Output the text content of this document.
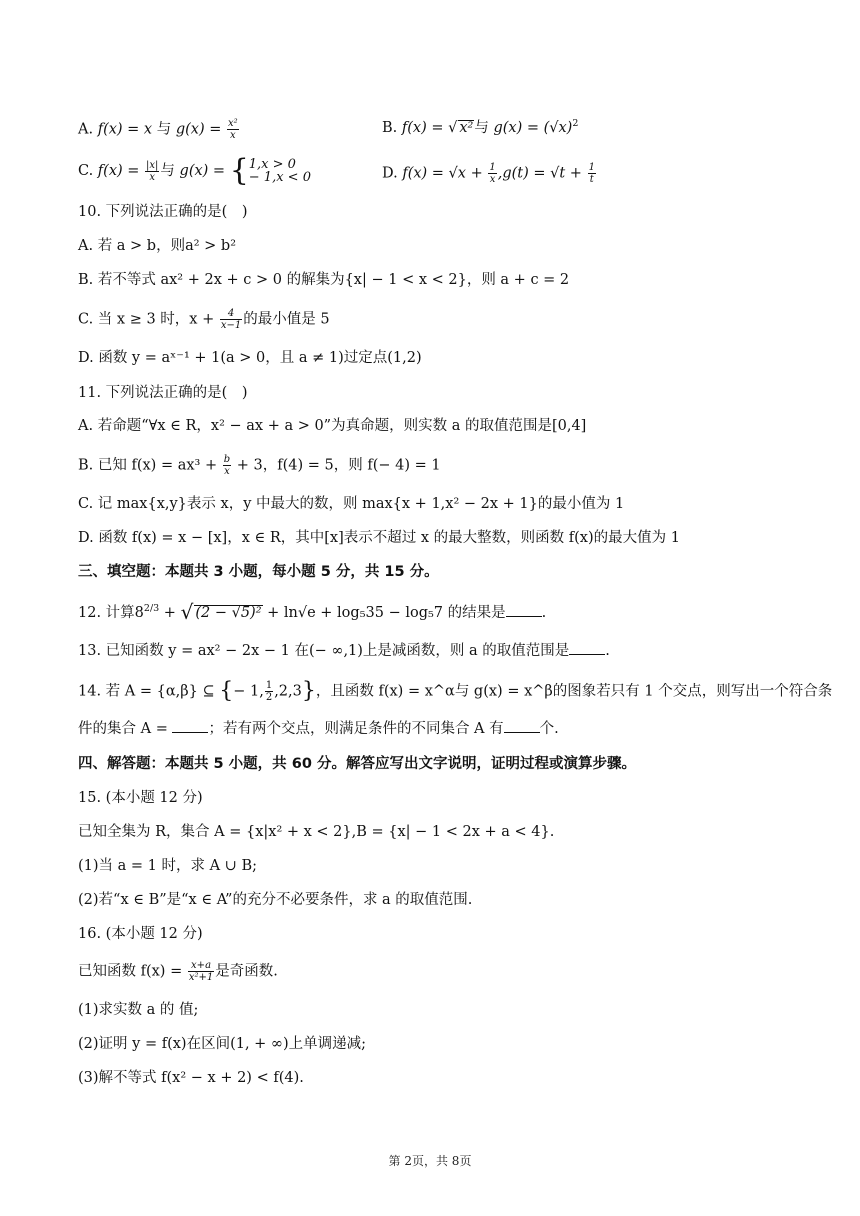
A. f(x) = x 与 $g(x) = \frac{\text{x²}}{x}$	B. f(x) = √ x²与 $g(x) = (√x)^2$
C. $f(x) = \frac{|x|}{x}$ 与 g(x) = { 1,x > 0
− 1,x < 0	D. $f(x) = √x + \frac{1}{x} ,g(t) = √t + \frac{1}{t}$
10. 下列说法正确的是(　)
A. 若 a > b，则a² > b²
B. 若不等式 ax² + 2x + c > 0 的解集为{x| − 1 < x < 2}，则 a + c = 2
C. 当 x ≥ 3 时，$x + \frac{4}{x-1}$ 的最小值是 5
D. 函数 y = aˣ⁻¹ + 1(a > 0，且 a ≠ 1)过定点(1,2)
11. 下列说法正确的是(　)
A. 若命题“∀x ∈ R，x² − ax + a > 0”为真命题，则实数 a 的取值范围是[0,4]
B. 已知 $f(x) = ax^3 + \frac{b}{x} + 3$，f(4) = 5，则 f(− 4) = 1
C. 记 max{x,y}表示 x，y 中最大的数，则 max{x + 1,x² − 2x + 1}的最小值为 1
D. 函数 f(x) = x − [x]，x ∈ R，其中[x]表示不超过 x 的最大整数，则函数 f(x)的最大值为 1
三、填空题：本题共 3 小题，每小题 5 分，共 15 分。
12. 计算$8^{2/3}$ + √ (2 − √5)² + ln√e + log₅35 − log₅7 的结果是 .
13. 已知函数 y = ax² − 2x − 1 在(− ∞,1)上是减函数，则 a 的取值范围是 .
14. 若 A = {α,β} ⊆ {− 1, $\frac{1}{2} ,2,3$}，且函数 f(x) = x^α与 g(x) = x^β的图象若只有 1 个交点，则写出一个符合条
件的集合 A = ；若有两个交点，则满足条件的不同集合 A 有 个.
四、解答题：本题共 5 小题，共 60 分。解答应写出文字说明，证明过程或演算步骤。
15. (本小题 12 分)
已知全集为 R，集合 A = {x|x² + x < 2},B = {x| − 1 < 2x + a < 4}.
(1)当 a = 1 时，求 A ∪ B;
(2)若“x ∈ B”是“x ∈ A”的充分不必要条件，求 a 的取值范围.
16. (本小题 12 分)
已知函数 $f(x) = \frac{x+a}{\text{x²+1}}$ 是奇函数.
(1)求实数 a 的 值;
(2)证明 y = f(x)在区间(1, + ∞)上单调递减;
(3)解不等式 f(x² − x + 2) < f(4).
第 2页，共 8页
